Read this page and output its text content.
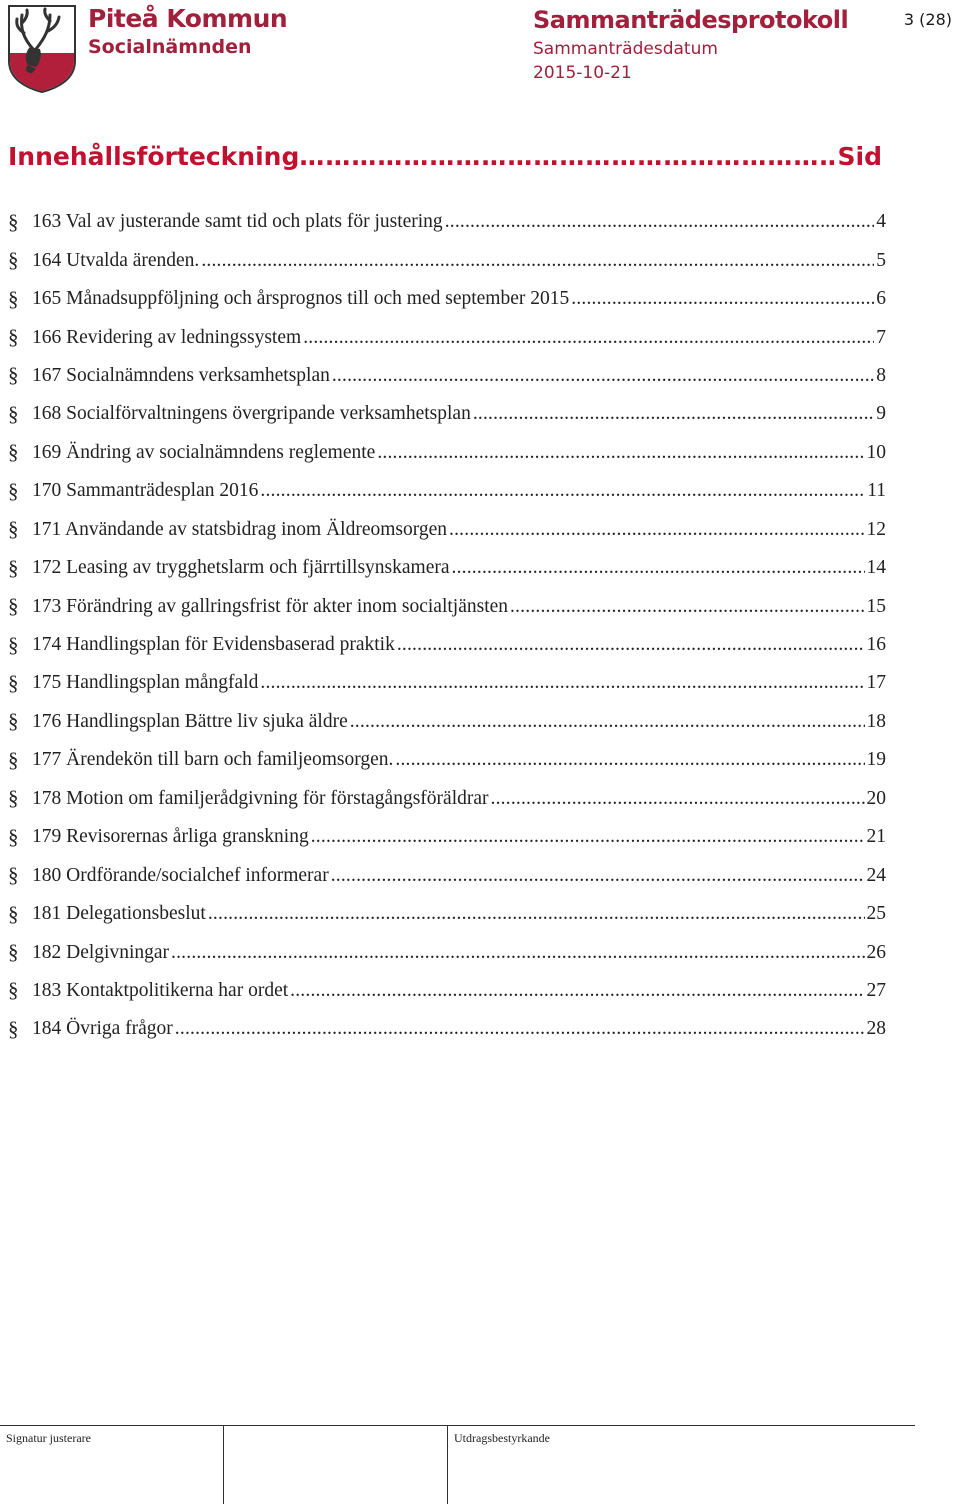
Piteå Kommun
Socialnämnden
Sammanträdesprotokoll
Sammanträdesdatum
2015-10-21
3 (28)
Innehållsförteckning …………………………………………………………………………	Sid
§ 163 Val av justerande samt tid och plats för justering .....	4
§ 164 Utvalda ärenden. .....	5
§ 165 Månadsuppföljning och årsprognos till och med september 2015 .....	6
§ 166 Revidering av ledningssystem .....	7
§ 167 Socialnämndens verksamhetsplan .....	8
§ 168 Socialförvaltningens övergripande verksamhetsplan .....	9
§ 169 Ändring av socialnämndens reglemente .....	10
§ 170 Sammanträdesplan 2016 .....	11
§ 171 Användande av statsbidrag inom Äldreomsorgen .....	12
§ 172 Leasing av trygghetslarm och fjärrtillsynskamera .....	14
§ 173 Förändring av gallringsfrist för akter inom socialtjänsten .....	15
§ 174 Handlingsplan för Evidensbaserad praktik .....	16
§ 175 Handlingsplan mångfald .....	17
§ 176 Handlingsplan Bättre liv sjuka äldre .....	18
§ 177 Ärendekön till barn och familjeomsorgen. .....	19
§ 178 Motion om familjerådgivning för förstagångsföräldrar .....	20
§ 179 Revisorernas årliga granskning .....	21
§ 180 Ordförande/socialchef informerar .....	24
§ 181 Delegationsbeslut .....	25
§ 182 Delgivningar .....	26
§ 183 Kontaktpolitikerna har ordet .....	27
§ 184 Övriga frågor .....	28
Signatur justerare	Utdragsbestyrkande
